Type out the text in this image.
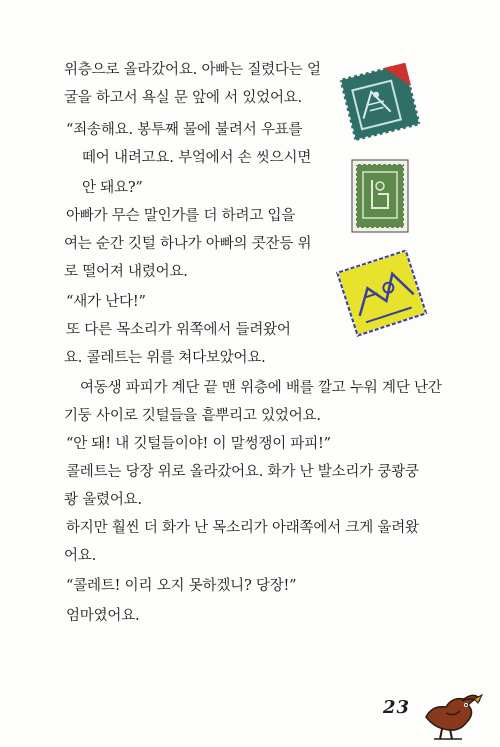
위층으로 올라갔어요. 아빠는 질렸다는 얼
굴을 하고서 욕실 문 앞에 서 있었어요.
“죄송해요. 봉투째 물에 불려서 우표를
떼어 내려고요. 부엌에서 손 씻으시면
안 돼요?”
아빠가 무슨 말인가를 더 하려고 입을
여는 순간 깃털 하나가 아빠의 콧잔등 위
로 떨어져 내렸어요.
“새가 난다!”
또 다른 목소리가 위쪽에서 들려왔어
요. 콜레트는 위를 쳐다보았어요.
여동생 파피가 계단 끝 맨 위층에 배를 깔고 누워 계단 난간
기둥 사이로 깃털들을 흩뿌리고 있었어요.
“안 돼! 내 깃털들이야! 이 말썽쟁이 파피!”
콜레트는 당장 위로 올라갔어요. 화가 난 발소리가 쿵쾅쿵
쾅 울렸어요.
하지만 훨씬 더 화가 난 목소리가 아래쪽에서 크게 울려왔
어요.
“콜레트! 이리 오지 못하겠니? 당장!”
엄마였어요.
23
